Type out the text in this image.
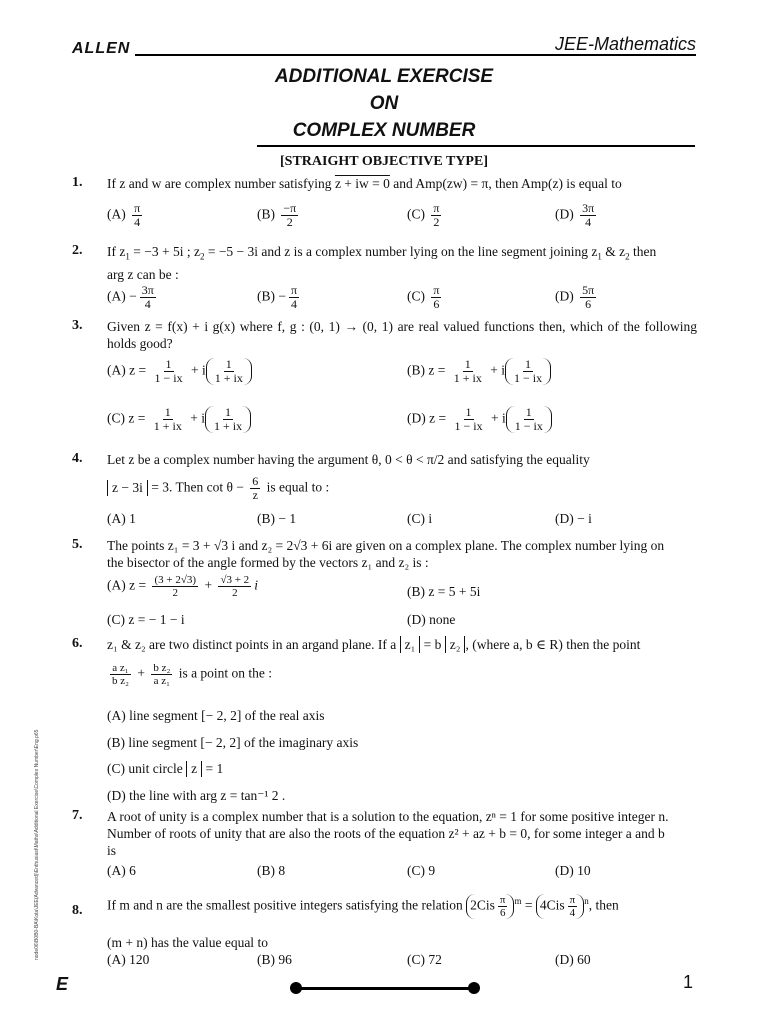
ALLEN	JEE-Mathematics
ADDITIONAL EXERCISE
ON
COMPLEX NUMBER
[STRAIGHT OBJECTIVE TYPE]
1. If z and w are complex number satisfying z + iw = 0 and Amp(zw) = π, then Amp(z) is equal to
$(A) \frac{\pi}{4}$	$(B) \frac{-\pi}{2}$	$(C) \frac{\pi}{2}$	$(D) \frac{3\pi}{4}$
2. If $z_1 = -3 + 5i$ ; $z_2 = -5 - 3i$ and z is a complex number lying on the line segment joining $z_1$ & $z_2$ then
arg z can be :
$(A) - \frac{3\pi}{4}$	$(B) - \frac{\pi}{4}$	$(C) \frac{\pi}{6}$	$(D) \frac{5\pi}{6}$
3. Given z = f(x) + i g(x) where f, g : (0, 1) → (0, 1) are real valued functions then, which of the following holds good?
(A) $z = \frac{1}{1 - ix} + i \frac{1}{1 + ix}$	(B) $z = \frac{1}{1 + ix} + i \frac{1}{1 - ix}$
(C) $z = \frac{1}{1 + ix} + i \frac{1}{1 + ix}$	(D) $z = \frac{1}{1 - ix} + i \frac{1}{1 - ix}$
4. Let z be a complex number having the argument θ, 0 < θ < π/2 and satisfying the equality
z − 3i = 3. Then $\cot \theta - \frac{6}{z}$ is equal to :
(A) 1	(B) − 1	(C) i	(D) − i
5. The points z₁ = 3 + √3 i and z₂ = 2√3 + 6i are given on a complex plane. The complex number lying on
the bisector of the angle formed by the vectors z₁ and z₂ is :
(A) $z = \frac{(3 + 2√3)}{2} + \frac{√3 + 2}{2}$ i	(B) z = 5 + 5i
(C) z = − 1 − i	(D) none
6. z₁ & z₂ are two distinct points in an argand plane. If a z₁ = b z₂ , (where a, b ∈ R) then the point
$\frac{\text{a z₁}}{\text{b z₂}} + \frac{\text{b z₂}}{\text{a z₁}}$ is a point on the :
(A) line segment [− 2, 2] of the real axis
(B) line segment [− 2, 2] of the imaginary axis
(C) unit circle z = 1
(D) the line with arg z = tan⁻¹ 2 .
7. A root of unity is a complex number that is a solution to the equation, zⁿ = 1 for some positive integer n.
Number of roots of unity that are also the roots of the equation z² + az + b = 0, for some integer a and b
is
(A) 6	(B) 8	(C) 9	(D) 10
8. If m and n are the smallest positive integers satisfying the relation $2Cis \frac{\pi}{6} ^m = 4Cis \frac{\pi}{4} ^n$, then
(m + n) has the value equal to
(A) 120	(B) 96	(C) 72	(D) 60
node06\B0B0-BA\Kota\JEE(Advanced)\Enthusiast\Maths\Additional Exercise\Complex Number\Eng.p65
E	1
